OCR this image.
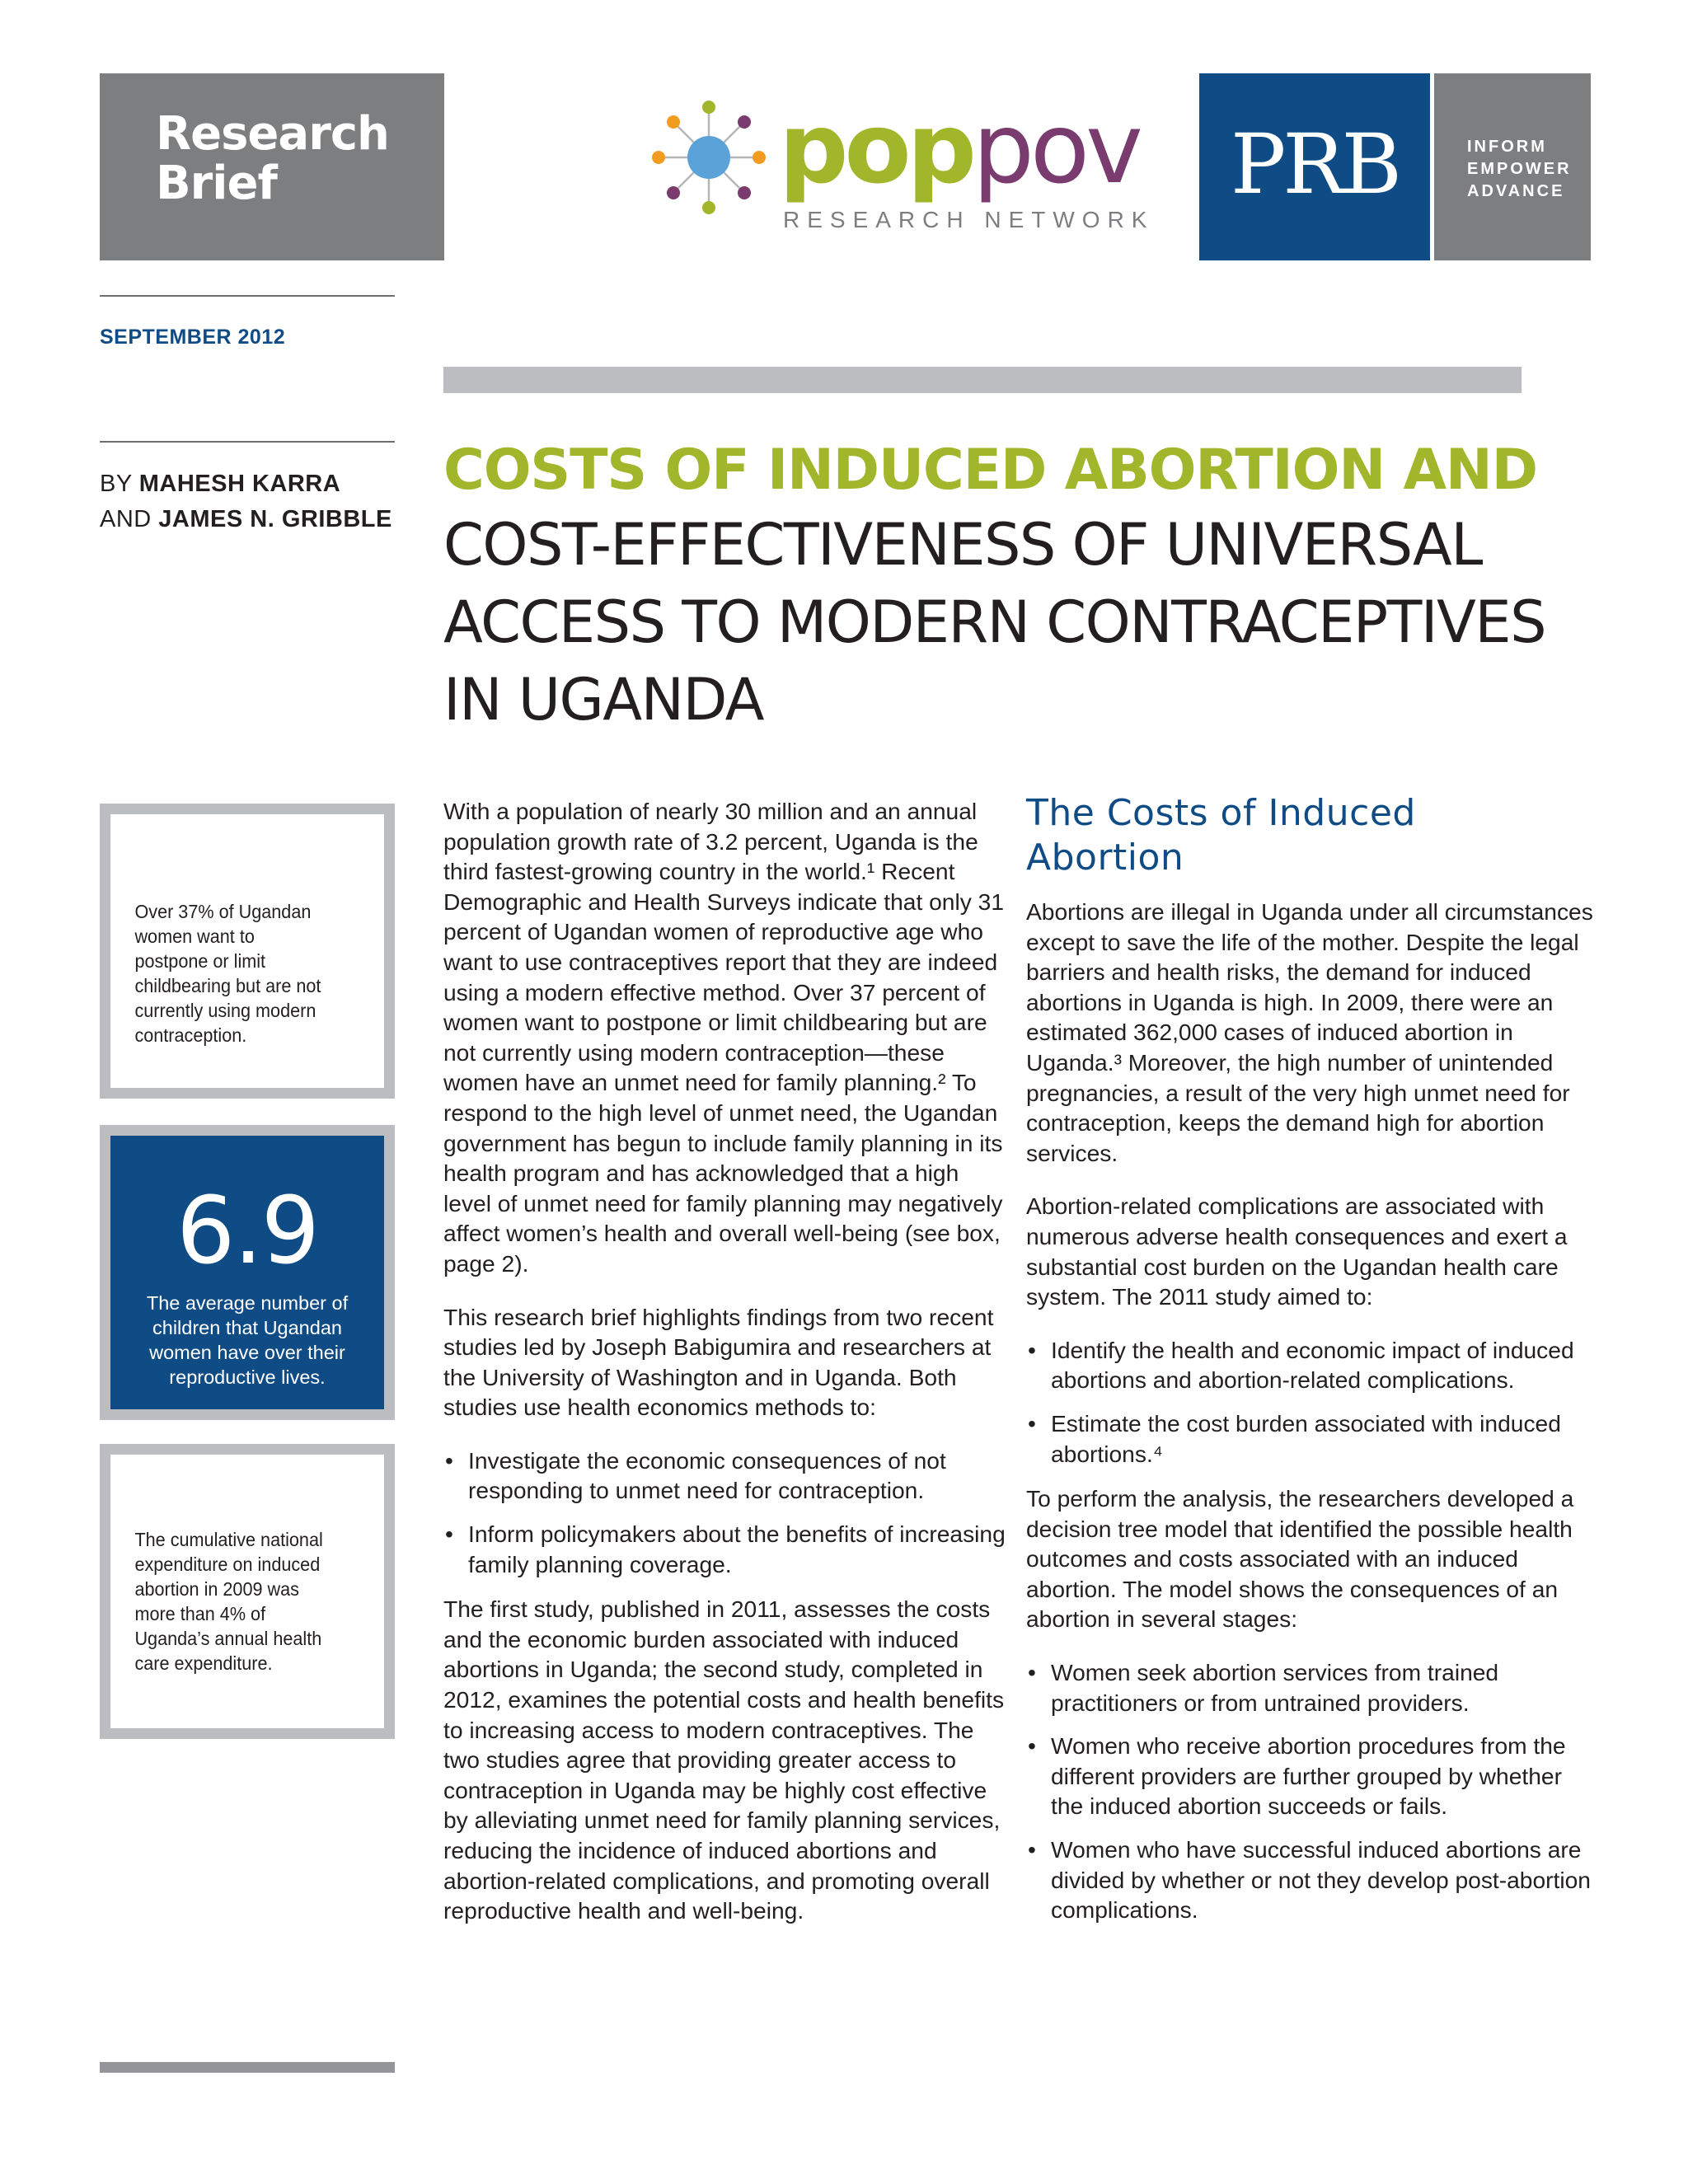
Research
Brief	poppov
RESEARCH NETWORK
PRB	INFORM
EMPOWER
ADVANCE
SEPTEMBER 2012
BY MAHESH KARRA
AND JAMES N. GRIBBLE
Over 37% of Ugandan women want to postpone or limit childbearing but are not currently using modern contraception.
6.9
The average number of children that Ugandan women have over their reproductive lives.
The cumulative national expenditure on induced abortion in 2009 was more than 4% of Uganda’s annual health care expenditure.
COSTS OF INDUCED ABORTION AND
COST-EFFECTIVENESS OF UNIVERSAL
ACCESS TO MODERN CONTRACEPTIVES
IN UGANDA

With a population of nearly 30 million and an annual population growth rate of 3.2 percent, Uganda is the third fastest-growing country in the world.¹ Recent Demographic and Health Surveys indicate that only 31 percent of Ugandan women of reproductive age who want to use contraceptives report that they are indeed using a modern effective method. Over 37 percent of women want to postpone or limit childbearing but are not currently using modern contraception—these women have an unmet need for family planning.² To respond to the high level of unmet need, the Ugandan government has begun to include family planning in its health program and has acknowledged that a high level of unmet need for family planning may negatively affect women’s health and overall well-being (see box, page 2).

This research brief highlights findings from two recent studies led by Joseph Babigumira and researchers at the University of Washington and in Uganda. Both studies use health economics methods to:

• Investigate the economic consequences of not responding to unmet need for contraception.
• Inform policymakers about the benefits of increasing family planning coverage.

The first study, published in 2011, assesses the costs and the economic burden associated with induced abortions in Uganda; the second study, completed in 2012, examines the potential costs and health benefits to increasing access to modern contraceptives. The two studies agree that providing greater access to contraception in Uganda may be highly cost effective by alleviating unmet need for family planning services, reducing the incidence of induced abortions and abortion-related complications, and promoting overall reproductive health and well-being.

The Costs of Induced
Abortion

Abortions are illegal in Uganda under all circumstances except to save the life of the mother. Despite the legal barriers and health risks, the demand for induced abortions in Uganda is high. In 2009, there were an estimated 362,000 cases of induced abortion in Uganda.³ Moreover, the high number of unintended pregnancies, a result of the very high unmet need for contraception, keeps the demand high for abortion services.

Abortion-related complications are associated with numerous adverse health consequences and exert a substantial cost burden on the Ugandan health care system. The 2011 study aimed to:

• Identify the health and economic impact of induced abortions and abortion-related complications.
• Estimate the cost burden associated with induced abortions.⁴

To perform the analysis, the researchers developed a decision tree model that identified the possible health outcomes and costs associated with an induced abortion. The model shows the consequences of an abortion in several stages:

• Women seek abortion services from trained practitioners or from untrained providers.
• Women who receive abortion procedures from the different providers are further grouped by whether the induced abortion succeeds or fails.
• Women who have successful induced abortions are divided by whether or not they develop post-abortion complications.
